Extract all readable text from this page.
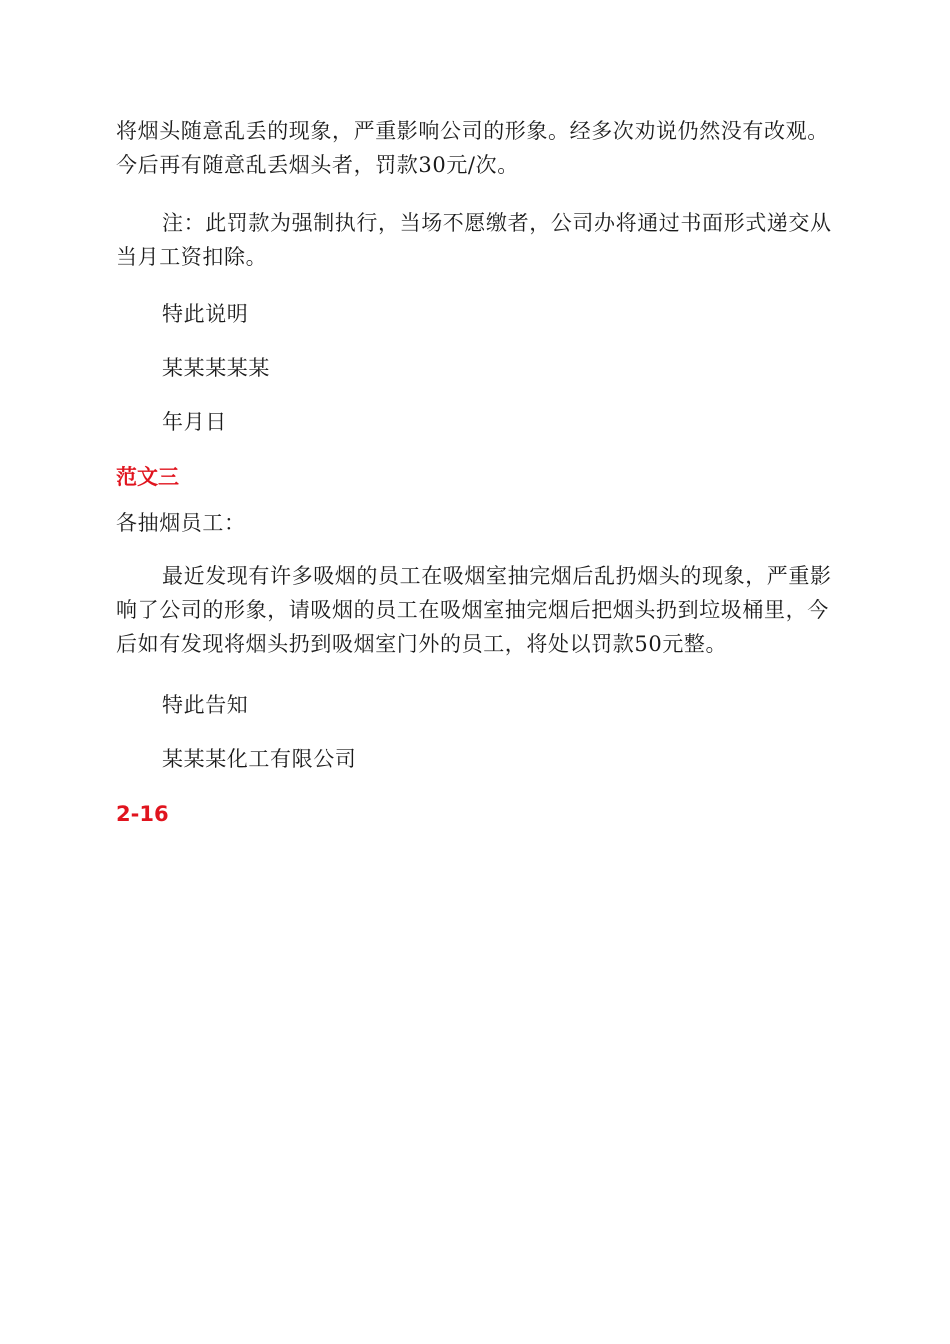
将烟头随意乱丢的现象，严重影响公司的形象。经多次劝说仍然没有改观。今后再有随意乱丢烟头者，罚款30元/次。

注：此罚款为强制执行，当场不愿缴者，公司办将通过书面形式递交从当月工资扣除。

特此说明

某某某某某

年月日

范文三

各抽烟员工：

最近发现有许多吸烟的员工在吸烟室抽完烟后乱扔烟头的现象，严重影响了公司的形象，请吸烟的员工在吸烟室抽完烟后把烟头扔到垃圾桶里，今后如有发现将烟头扔到吸烟室门外的员工，将处以罚款50元整。

特此告知

某某某化工有限公司

2-16
